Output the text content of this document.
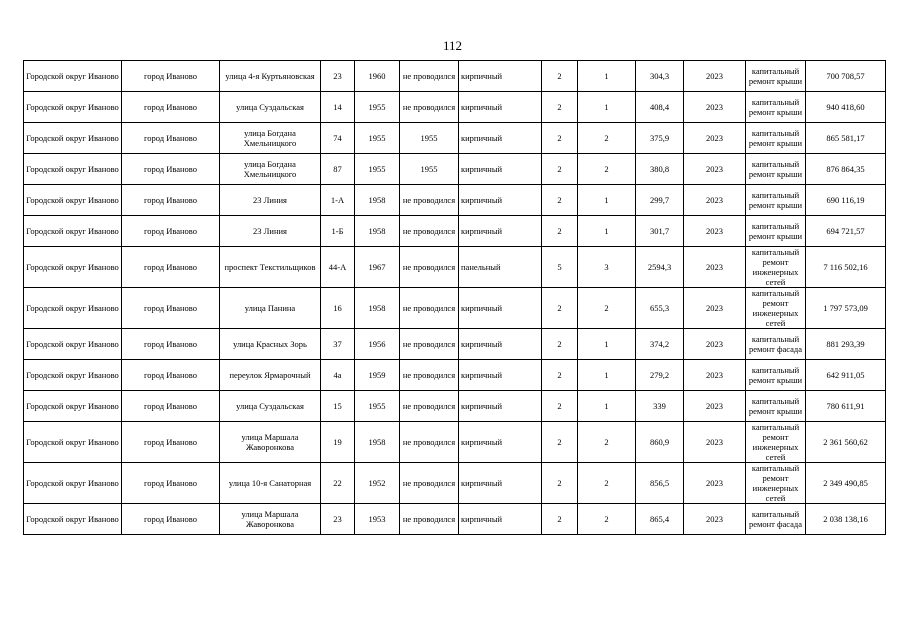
112
Городской округ Иваново	город Иваново	улица 4-я Куртьяновская	23	1960	не проводился	кирпичный	2	1	304,3	2023	капитальный ремонт крыши	700 708,57
Городской округ Иваново	город Иваново	улица Суздальская	14	1955	не проводился	кирпичный	2	1	408,4	2023	капитальный ремонт крыши	940 418,60
Городской округ Иваново	город Иваново	улица Богдана Хмельницкого	74	1955	1955	кирпичный	2	2	375,9	2023	капитальный ремонт крыши	865 581,17
Городской округ Иваново	город Иваново	улица Богдана Хмельницкого	87	1955	1955	кирпичный	2	2	380,8	2023	капитальный ремонт крыши	876 864,35
Городской округ Иваново	город Иваново	23 Линия	1-А	1958	не проводился	кирпичный	2	1	299,7	2023	капитальный ремонт крыши	690 116,19
Городской округ Иваново	город Иваново	23 Линия	1-Б	1958	не проводился	кирпичный	2	1	301,7	2023	капитальный ремонт крыши	694 721,57
Городской округ Иваново	город Иваново	проспект Текстильщиков	44-А	1967	не проводился	панельный	5	3	2594,3	2023	капитальный ремонт инженерных сетей	7 116 502,16
Городской округ Иваново	город Иваново	улица Панина	16	1958	не проводился	кирпичный	2	2	655,3	2023	капитальный ремонт инженерных сетей	1 797 573,09
Городской округ Иваново	город Иваново	улица Красных Зорь	37	1956	не проводился	кирпичный	2	1	374,2	2023	капитальный ремонт фасада	881 293,39
Городской округ Иваново	город Иваново	переулок Ярмарочный	4а	1959	не проводился	кирпичный	2	1	279,2	2023	капитальный ремонт крыши	642 911,05
Городской округ Иваново	город Иваново	улица Суздальская	15	1955	не проводился	кирпичный	2	1	339	2023	капитальный ремонт крыши	780 611,91
Городской округ Иваново	город Иваново	улица Маршала Жаворонкова	19	1958	не проводился	кирпичный	2	2	860,9	2023	капитальный ремонт инженерных сетей	2 361 560,62
Городской округ Иваново	город Иваново	улица 10-я Санаторная	22	1952	не проводился	кирпичный	2	2	856,5	2023	капитальный ремонт инженерных сетей	2 349 490,85
Городской округ Иваново	город Иваново	улица Маршала Жаворонкова	23	1953	не проводился	кирпичный	2	2	865,4	2023	капитальный ремонт фасада	2 038 138,16
